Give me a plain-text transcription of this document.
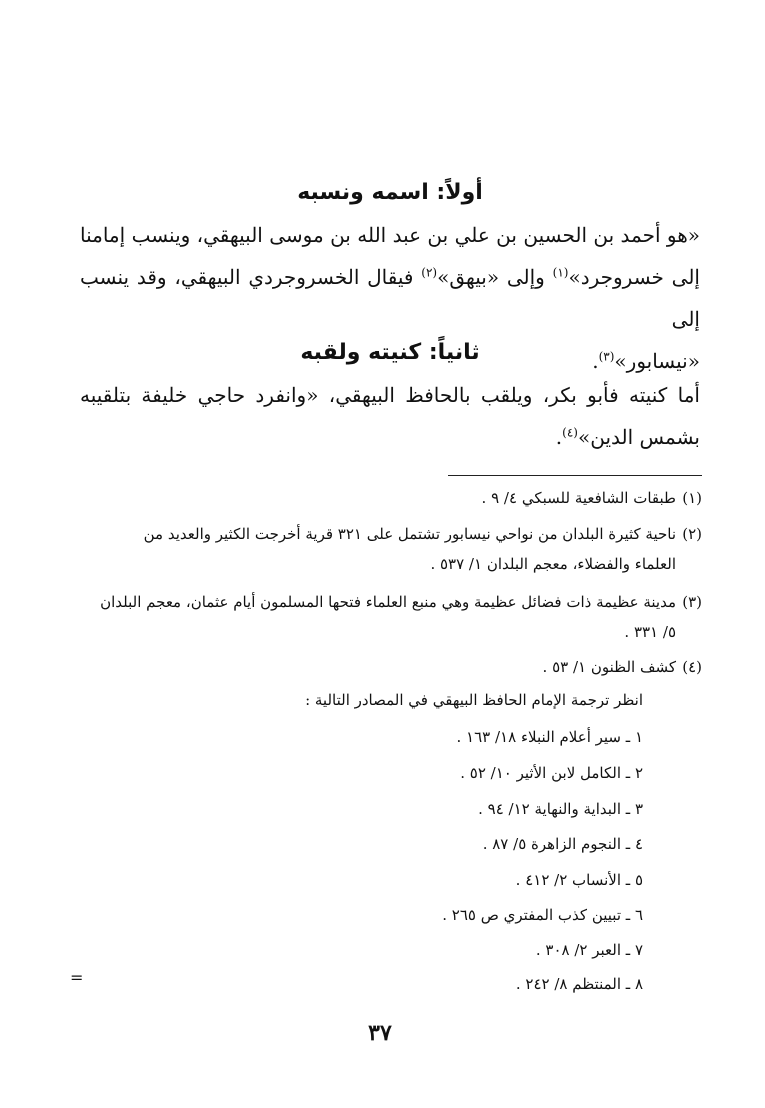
أولاً: اسمه ونسبه

«هو أحمد بن الحسين بن علي بن عبد الله بن موسى البيهقي، وينسب إمامنا

إلى خسروجرد»$^{(١)}$ وإلى «بيهق»$^{(٢)}$ فيقال الخسروجردي البيهقي، وقد ينسب إلى

«نيسابور»$^{(٣)}$.

ثانياً: كنيته ولقبه

أما كنيته فأبو بكر، ويلقب بالحافظ البيهقي، «وانفرد حاجي خليفة بتلقيبه

بشمس الدين»$^{(٤)}$.

(١)طبقات الشافعية للسبكي ٤/ ٩ .
(٢)ناحية كثيرة البلدان من نواحي نيسابور تشتمل على ٣٢١ قرية أخرجت الكثير والعديد من
العلماء والفضلاء، معجم البلدان ١/ ٥٣٧ .
(٣)مدينة عظيمة ذات فضائل عظيمة وهي منبع العلماء فتحها المسلمون أيام عثمان، معجم البلدان
٥/ ٣٣١ .
(٤)كشف الظنون ١/ ٥٣ .
انظر ترجمة الإمام الحافظ البيهقي في المصادر التالية :
١ ـ سير أعلام النبلاء ١٨/ ١٦٣ .
٢ ـ الكامل لابن الأثير ١٠/ ٥٢ .
٣ ـ البداية والنهاية ١٢/ ٩٤ .
٤ ـ النجوم الزاهرة ٥/ ٨٧ .
٥ ـ الأنساب ٢/ ٤١٢ .
٦ ـ تبيين كذب المفتري ص ٢٦٥ .
٧ ـ العبر ٢/ ٣٠٨ .
٨ ـ المنتظم ٨/ ٢٤٢ .
=
٣٧
